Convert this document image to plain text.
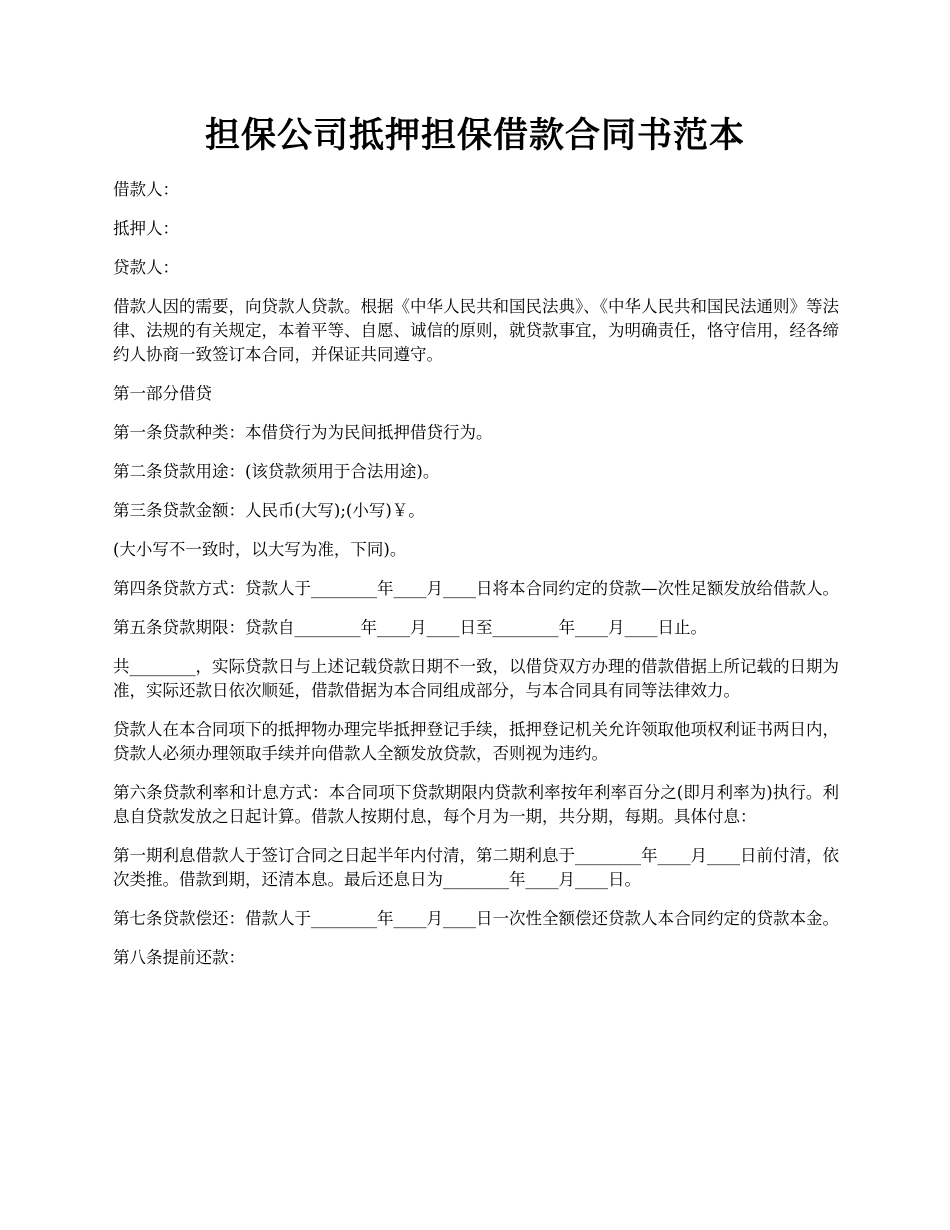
担保公司抵押担保借款合同书范本

借款人：

抵押人：

贷款人：

借款人因的需要，向贷款人贷款。根据《中华人民共和国民法典》、《中华人民共和国民法通则》等法律、法规的有关规定，本着平等、自愿、诚信的原则，就贷款事宜，为明确责任，恪守信用，经各缔约人协商一致签订本合同，并保证共同遵守。

第一部分借贷

第一条贷款种类：本借贷行为为民间抵押借贷行为。

第二条贷款用途：(该贷款须用于合法用途)。

第三条贷款金额：人民币(大写);(小写)￥。

(大小写不一致时，以大写为准，下同)。

第四条贷款方式：贷款人于________年____月____日将本合同约定的贷款—次性足额发放给借款人。

第五条贷款期限：贷款自________年____月____日至________年____月____日止。

共________，实际贷款日与上述记载贷款日期不一致，以借贷双方办理的借款借据上所记载的日期为准，实际还款日依次顺延，借款借据为本合同组成部分，与本合同具有同等法律效力。

贷款人在本合同项下的抵押物办理完毕抵押登记手续，抵押登记机关允许领取他项权利证书两日内，贷款人必须办理领取手续并向借款人全额发放贷款，否则视为违约。

第六条贷款利率和计息方式：本合同项下贷款期限内贷款利率按年利率百分之(即月利率为)执行。利息自贷款发放之日起计算。借款人按期付息，每个月为一期，共分期，每期。具体付息：

第一期利息借款人于签订合同之日起半年内付清，第二期利息于________年____月____日前付清，依次类推。借款到期，还清本息。最后还息日为________年____月____日。

第七条贷款偿还：借款人于________年____月____日一次性全额偿还贷款人本合同约定的贷款本金。

第八条提前还款：
